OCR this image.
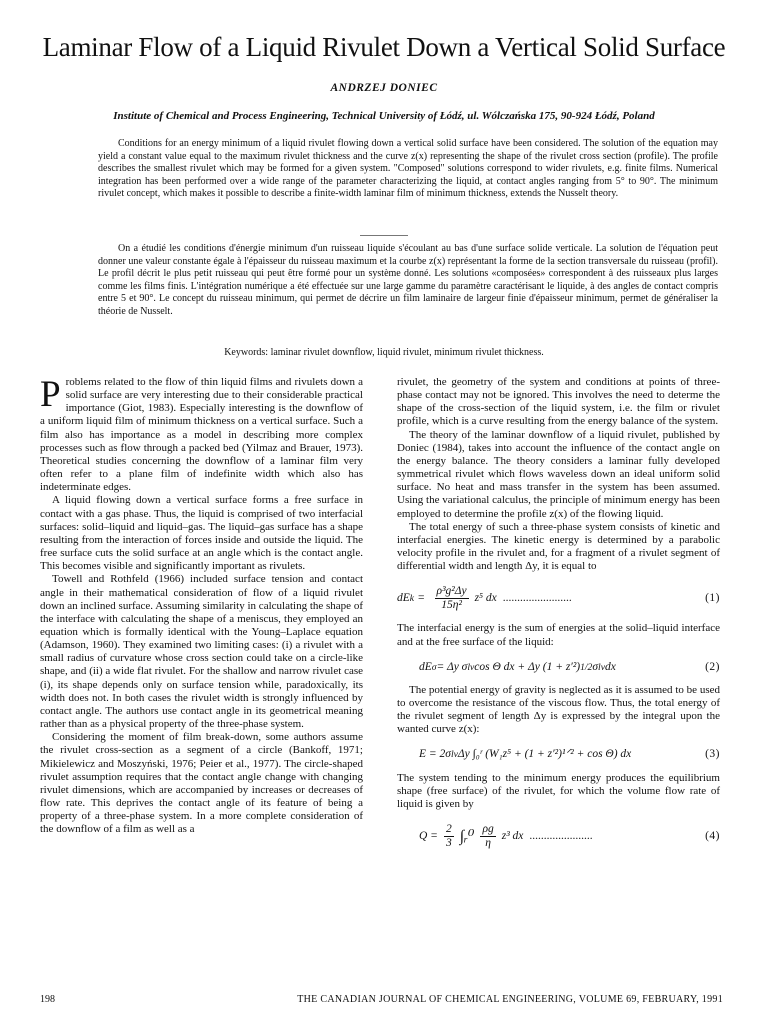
Laminar Flow of a Liquid Rivulet Down a Vertical Solid Surface
ANDRZEJ DONIEC
Institute of Chemical and Process Engineering, Technical University of Łódź, ul. Wólczańska 175, 90-924 Łódź, Poland

Conditions for an energy minimum of a liquid rivulet flowing down a vertical solid surface have been considered. The solution of the equation may yield a constant value equal to the maximum rivulet thickness and the curve z(x) representing the shape of the rivulet cross section (profile). The profile describes the smallest rivulet which may be formed for a given system. "Composed" solutions correspond to wider rivulets, e.g. finite films. Numerical integration has been performed over a wide range of the parameter characterizing the liquid, at contact angles ranging from 5° to 90°. The minimum rivulet concept, which makes it possible to describe a finite-width laminar film of minimum thickness, extends the Nusselt theory.

On a étudié les conditions d'énergie minimum d'un ruisseau liquide s'écoulant au bas d'une surface solide verticale. La solution de l'équation peut donner une valeur constante égale à l'épaisseur du ruisseau maximum et la courbe z(x) représentant la forme de la section transversale du ruisseau (profil). Le profil décrit le plus petit ruisseau qui peut être formé pour un système donné. Les solutions «composées» correspondent à des ruisseaux plus larges comme les films finis. L'intégration numérique a été effectuée sur une large gamme du paramètre caractérisant le liquide, à des angles de contact compris entre 5 et 90°. Le concept du ruisseau minimum, qui permet de décrire un film laminaire de largeur finie d'épaisseur minimum, permet de généraliser la théorie de Nusselt.

Keywords: laminar rivulet downflow, liquid rivulet, minimum rivulet thickness.

Problems related to the flow of thin liquid films and rivulets down a solid surface are very interesting due to their considerable practical importance (Giot, 1983). Especially interesting is the downflow of a uniform liquid film of minimum thickness on a vertical surface. Such a film also has importance as a model in describing more complex processes such as flow through a packed bed (Yilmaz and Brauer, 1973). Theoretical studies concerning the downflow of a laminar film very often refer to a plane film of indefinite width which also has indeterminate edges.

A liquid flowing down a vertical surface forms a free surface in contact with a gas phase. Thus, the liquid is comprised of two interfacial surfaces: solid–liquid and liquid–gas. The liquid–gas surface has a shape resulting from the interaction of forces inside and outside the liquid. The free surface cuts the solid surface at an angle which is the contact angle. This becomes visible and significantly important as rivulets.

Towell and Rothfeld (1966) included surface tension and contact angle in their mathematical consideration of flow of a liquid rivulet down an inclined surface. Assuming similarity in calculating the shape of the interface with calculating the shape of a meniscus, they employed an equation which is formally identical with the Young–Laplace equation (Adamson, 1960). They examined two limiting cases: (i) a rivulet with a small radius of curvature whose cross section could take on a circle-like shape, and (ii) a wide flat rivulet. For the shallow and narrow rivulet case (i), its shape depends only on surface tension while, paradoxically, its width does not. In both cases the rivulet width is strongly influenced by contact angle. The authors use contact angle in its geometrical meaning rather than as a physical property of the three-phase system.

Considering the moment of film break-down, some authors assume the rivulet cross-section as a segment of a circle (Bankoff, 1971; Mikielewicz and Moszyński, 1976; Peier et al., 1977). The circle-shaped rivulet assumption requires that the contact angle change with changing rivulet dimensions, which are accompanied by increases or decreases of flow rate. This deprives the contact angle of its feature of being a property of a three-phase system. In a more complete consideration of the downflow of a film as well as a

rivulet, the geometry of the system and conditions at points of three-phase contact may not be ignored. This involves the need to determe the shape of the cross-section of the liquid system, i.e. the film or rivulet profile, which is a curve resulting from the energy balance of the system.

The theory of the laminar downflow of a liquid rivulet, published by Doniec (1984), takes into account the influence of the contact angle on the energy balance. The theory considers a laminar fully developed symmetrical rivulet which flows waveless down an ideal uniform solid surface. No heat and mass transfer in the system has been assumed. Using the variational calculus, the principle of minimum energy has been employed to determine the profile z(x) of the flowing liquid.

The total energy of such a three-phase system consists of kinetic and interfacial energies. The kinetic energy is determined by a parabolic velocity profile in the rivulet and, for a fragment of a rivulet segment of differential width and length Δy, it is equal to

dE $k = \frac{\text{ρ³g²Δy}}{\text{15η²}} z^5$ dx ........................	(1)

The interfacial energy is the sum of energies at the solid–liquid interface and at the free surface of the liquid:

dE σ = Δy σ lv cos Θ dx + Δy (1 + z′²) 1/2 σ lv dx	(2)

The potential energy of gravity is neglected as it is assumed to be used to overcome the resistance of the viscous flow. Thus, the total energy of the rivulet segment of length Δy is expressed by the integral upon the wanted curve z(x):

E = 2σ lv Δy ∫₀ʳ (W₁z⁵ + (1 + z′²)¹ᐟ² + cos Θ) dx	(3)

The system tending to the minimum energy produces the equilibrium shape (free surface) of the rivulet, for which the volume flow rate of liquid is given by

$Q = \frac{2}{3}$ ∫ᵣ⁰ $\frac{\rho g}{\eta} z^3$ dx ......................	(4)
198	THE CANADIAN JOURNAL OF CHEMICAL ENGINEERING, VOLUME 69, FEBRUARY, 1991
